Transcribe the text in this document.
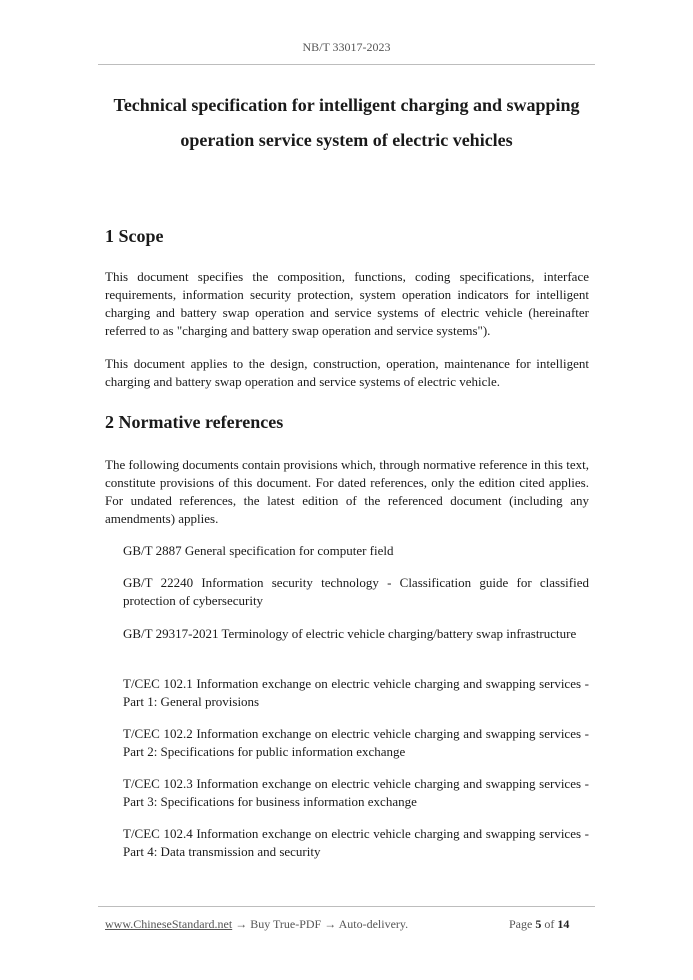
NB/T 33017-2023
Technical specification for intelligent charging and swapping
operation service system of electric vehicles
1 Scope
This document specifies the composition, functions, coding specifications, interface requirements, information security protection, system operation indicators for intelligent charging and battery swap operation and service systems of electric vehicle (hereinafter referred to as "charging and battery swap operation and service systems").
This document applies to the design, construction, operation, maintenance for intelligent charging and battery swap operation and service systems of electric vehicle.
2 Normative references
The following documents contain provisions which, through normative reference in this text, constitute provisions of this document. For dated references, only the edition cited applies. For undated references, the latest edition of the referenced document (including any amendments) applies.
GB/T 2887 General specification for computer field
GB/T 22240 Information security technology - Classification guide for classified protection of cybersecurity
GB/T 29317-2021 Terminology of electric vehicle charging/battery swap infrastructure
T/CEC 102.1 Information exchange on electric vehicle charging and swapping services - Part 1: General provisions
T/CEC 102.2 Information exchange on electric vehicle charging and swapping services - Part 2: Specifications for public information exchange
T/CEC 102.3 Information exchange on electric vehicle charging and swapping services - Part 3: Specifications for business information exchange
T/CEC 102.4 Information exchange on electric vehicle charging and swapping services - Part 4: Data transmission and security
www.ChineseStandard.net → Buy True-PDF → Auto-delivery.	Page 5 of 14
